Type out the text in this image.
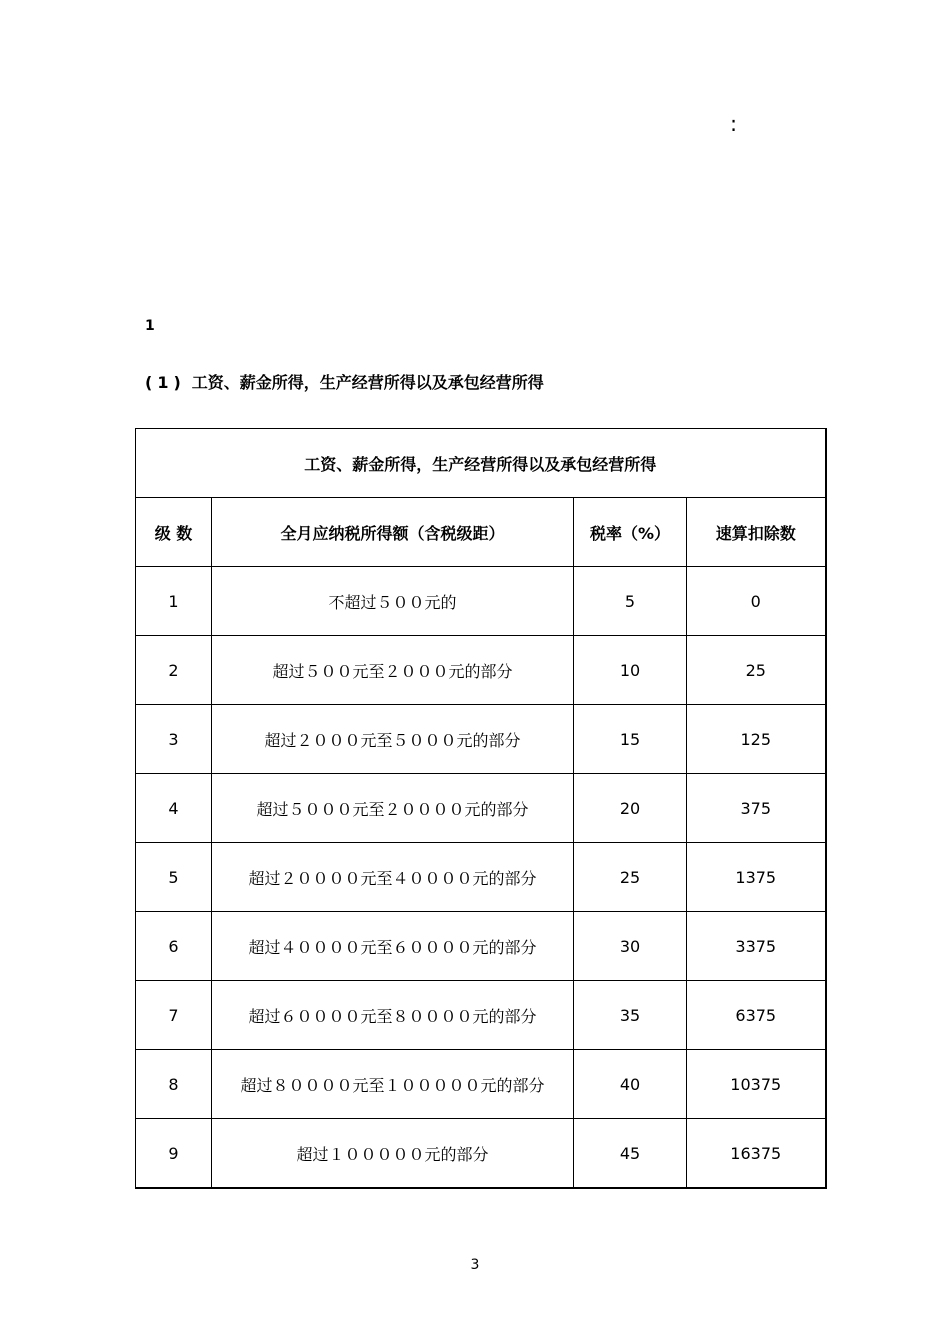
:
1
(1) 工资、薪金所得，生产经营所得以及承包经营所得
工资、薪金所得，生产经营所得以及承包经营所得			
级 数	全月应纳税所得额（含税级距）	税率（%）	速算扣除数
1	不超过５００元的	5	0
2	超过５００元至２０００元的部分	10	25
3	超过２０００元至５０００元的部分	15	125
4	超过５０００元至２００００元的部分	20	375
5	超过２００００元至４００００元的部分	25	1375
6	超过４００００元至６００００元的部分	30	3375
7	超过６００００元至８００００元的部分	35	6375
8	超过８００００元至１０００００元的部分	40	10375
9	超过１０００００元的部分	45	16375
3
